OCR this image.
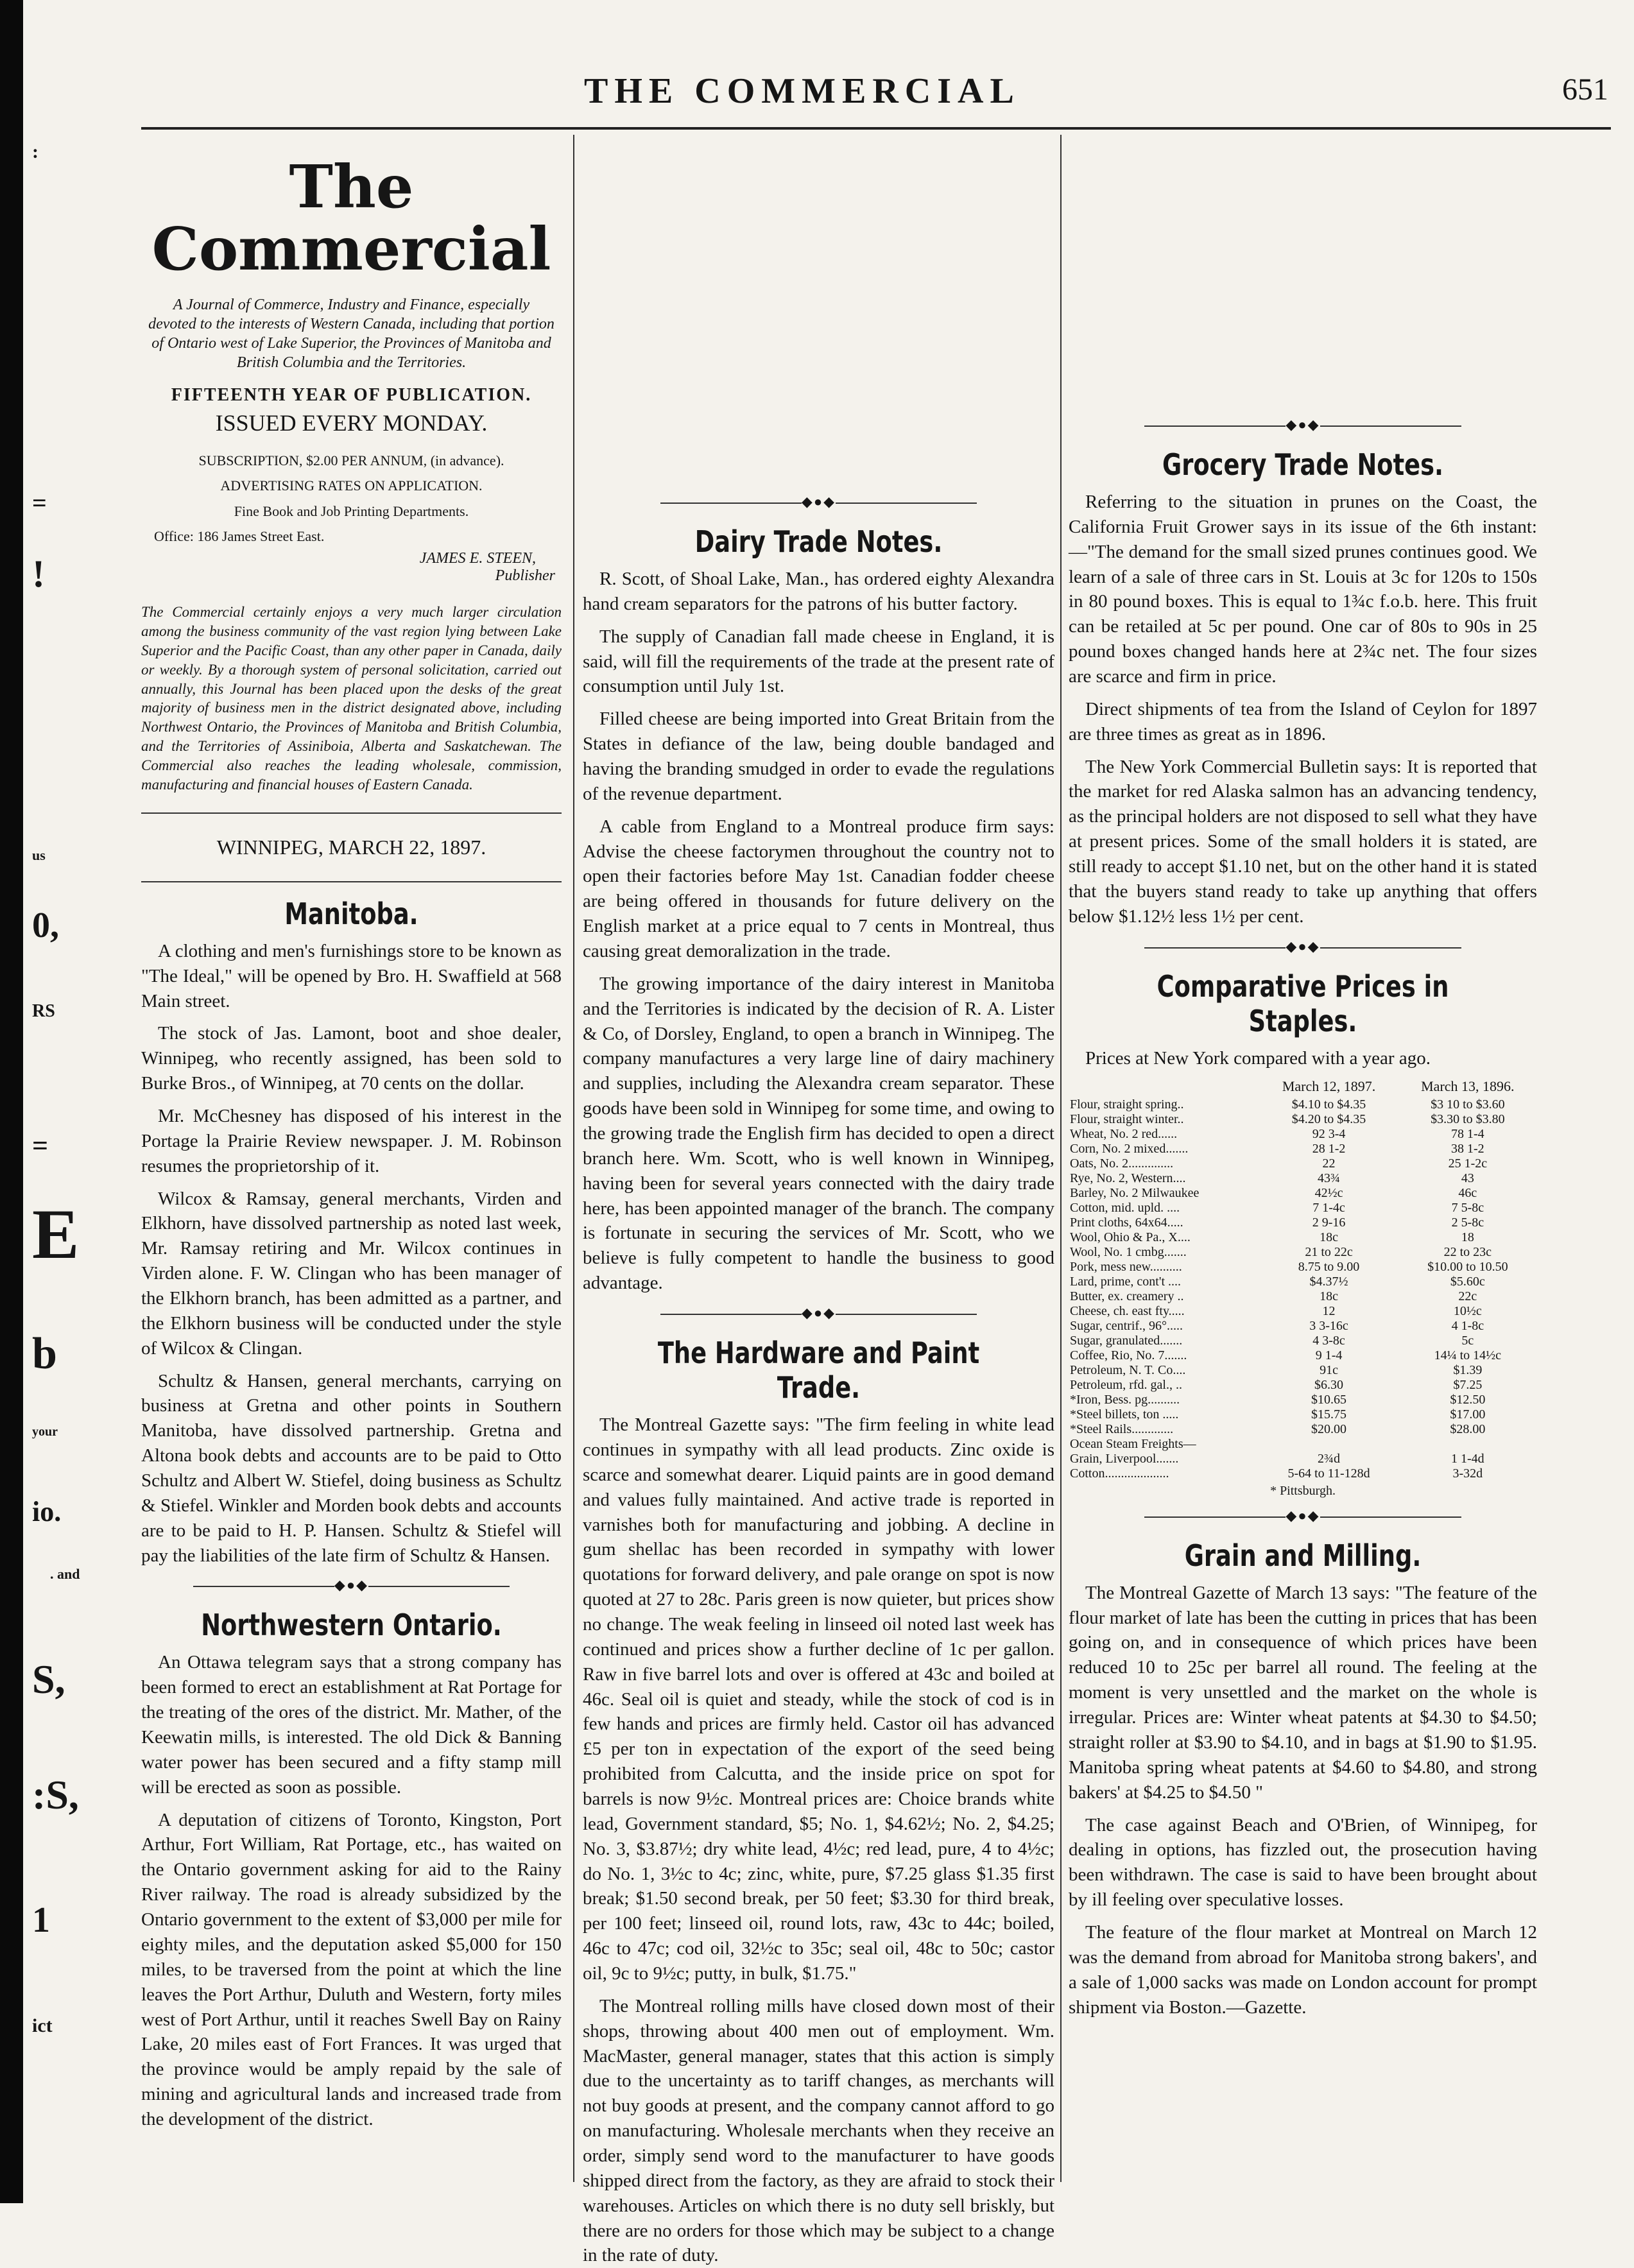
:
=
!
us
0,
RS
=
E
b
your
io.
. and
S,
:S,
1
ict
THE COMMERCIAL	651
The Commercial
A Journal of Commerce, Industry and Finance, especially devoted to the interests of Western Canada, including that portion of Ontario west of Lake Superior, the Provinces of Manitoba and British Columbia and the Territories.
FIFTEENTH YEAR OF PUBLICATION.
ISSUED EVERY MONDAY.
SUBSCRIPTION, $2.00 PER ANNUM, (in advance).
ADVERTISING RATES ON APPLICATION.
Fine Book and Job Printing Departments.
Office: 186 James Street East.
JAMES E. STEEN,
Publisher
The Commercial certainly enjoys a very much larger circulation among the business community of the vast region lying between Lake Superior and the Pacific Coast, than any other paper in Canada, daily or weekly. By a thorough system of personal solicitation, carried out annually, this Journal has been placed upon the desks of the great majority of business men in the district designated above, including Northwest Ontario, the Provinces of Manitoba and British Columbia, and the Territories of Assiniboia, Alberta and Saskatchewan. The Commercial also reaches the leading wholesale, commission, manufacturing and financial houses of Eastern Canada.
WINNIPEG, MARCH 22, 1897.
Manitoba.

A clothing and men's furnishings store to be known as "The Ideal," will be opened by Bro. H. Swaffield at 568 Main street.

The stock of Jas. Lamont, boot and shoe dealer, Winnipeg, who recently assigned, has been sold to Burke Bros., of Winnipeg, at 70 cents on the dollar.

Mr. McChesney has disposed of his interest in the Portage la Prairie Review newspaper. J. M. Robinson resumes the proprietorship of it.

Wilcox & Ramsay, general merchants, Virden and Elkhorn, have dissolved partnership as noted last week, Mr. Ramsay retiring and Mr. Wilcox continues in Virden alone. F. W. Clingan who has been manager of the Elkhorn branch, has been admitted as a partner, and the Elkhorn business will be conducted under the style of Wilcox & Clingan.

Schultz & Hansen, general merchants, carrying on business at Gretna and other points in Southern Manitoba, have dissolved partnership. Gretna and Altona book debts and accounts are to be paid to Otto Schultz and Albert W. Stiefel, doing business as Schultz & Stiefel. Winkler and Morden book debts and accounts are to be paid to H. P. Hansen. Schultz & Stiefel will pay the liabilities of the late firm of Schultz & Hansen.

◆●◆
Northwestern Ontario.

An Ottawa telegram says that a strong company has been formed to erect an establishment at Rat Portage for the treating of the ores of the district. Mr. Mather, of the Keewatin mills, is interested. The old Dick & Banning water power has been secured and a fifty stamp mill will be erected as soon as possible.

A deputation of citizens of Toronto, Kingston, Port Arthur, Fort William, Rat Portage, etc., has waited on the Ontario government asking for aid to the Rainy River railway. The road is already subsidized by the Ontario government to the extent of $3,000 per mile for eighty miles, and the deputation asked $5,000 for 150 miles, to be traversed from the point at which the line leaves the Port Arthur, Duluth and Western, forty miles west of Port Arthur, until it reaches Swell Bay on Rainy Lake, 20 miles east of Fort Frances. It was urged that the province would be amply repaid by the sale of mining and agricultural lands and increased trade from the development of the district.

◆●◆
Dairy Trade Notes.

R. Scott, of Shoal Lake, Man., has ordered eighty Alexandra hand cream separators for the patrons of his butter factory.

The supply of Canadian fall made cheese in England, it is said, will fill the requirements of the trade at the present rate of consumption until July 1st.

Filled cheese are being imported into Great Britain from the States in defiance of the law, being double bandaged and having the branding smudged in order to evade the regulations of the revenue department.

A cable from England to a Montreal produce firm says: Advise the cheese factorymen throughout the country not to open their factories before May 1st. Canadian fodder cheese are being offered in thousands for future delivery on the English market at a price equal to 7 cents in Montreal, thus causing great demoralization in the trade.

The growing importance of the dairy interest in Manitoba and the Territories is indicated by the decision of R. A. Lister & Co, of Dorsley, England, to open a branch in Winnipeg. The company manufactures a very large line of dairy machinery and supplies, including the Alexandra cream separator. These goods have been sold in Winnipeg for some time, and owing to the growing trade the English firm has decided to open a direct branch here. Wm. Scott, who is well known in Winnipeg, having been for several years connected with the dairy trade here, has been appointed manager of the branch. The company is fortunate in securing the services of Mr. Scott, who we believe is fully competent to handle the business to good advantage.

◆●◆
The Hardware and Paint Trade.

The Montreal Gazette says: "The firm feeling in white lead continues in sympathy with all lead products. Zinc oxide is scarce and somewhat dearer. Liquid paints are in good demand and values fully maintained. And active trade is reported in varnishes both for manufacturing and jobbing. A decline in gum shellac has been recorded in sympathy with lower quotations for forward delivery, and pale orange on spot is now quoted at 27 to 28c. Paris green is now quieter, but prices show no change. The weak feeling in linseed oil noted last week has continued and prices show a further decline of 1c per gallon. Raw in five barrel lots and over is offered at 43c and boiled at 46c. Seal oil is quiet and steady, while the stock of cod is in few hands and prices are firmly held. Castor oil has advanced £5 per ton in expectation of the export of the seed being prohibited from Calcutta, and the inside price on spot for barrels is now 9½c. Montreal prices are: Choice brands white lead, Government standard, $5; No. 1, $4.62½; No. 2, $4.25; No. 3, $3.87½; dry white lead, 4½c; red lead, pure, 4 to 4½c; do No. 1, 3½c to 4c; zinc, white, pure, $7.25 glass $1.35 first break; $1.50 second break, per 50 feet; $3.30 for third break, per 100 feet; linseed oil, round lots, raw, 43c to 44c; boiled, 46c to 47c; cod oil, 32½c to 35c; seal oil, 48c to 50c; castor oil, 9c to 9½c; putty, in bulk, $1.75."

The Montreal rolling mills have closed down most of their shops, throwing about 400 men out of employment. Wm. MacMaster, general manager, states that this action is simply due to the uncertainty as to tariff changes, as merchants will not buy goods at present, and the company cannot afford to go on manufacturing. Wholesale merchants when they receive an order, simply send word to the manufacturer to have goods shipped direct from the factory, as they are afraid to stock their warehouses. Articles on which there is no duty sell briskly, but there are no orders for those which may be subject to a change in the rate of duty.

◆●◆
Grocery Trade Notes.

Referring to the situation in prunes on the Coast, the California Fruit Grower says in its issue of the 6th instant:—"The demand for the small sized prunes continues good. We learn of a sale of three cars in St. Louis at 3c for 120s to 150s in 80 pound boxes. This is equal to 1¾c f.o.b. here. This fruit can be retailed at 5c per pound. One car of 80s to 90s in 25 pound boxes changed hands here at 2¾c net. The four sizes are scarce and firm in price.

Direct shipments of tea from the Island of Ceylon for 1897 are three times as great as in 1896.

The New York Commercial Bulletin says: It is reported that the market for red Alaska salmon has an advancing tendency, as the principal holders are not disposed to sell what they have at present prices. Some of the small holders it is stated, are still ready to accept $1.10 net, but on the other hand it is stated that the buyers stand ready to take up anything that offers below $1.12½ less 1½ per cent.

◆●◆
Comparative Prices in Staples.

Prices at New York compared with a year ago.

	March 12, 1897.	March 13, 1896.
Flour, straight spring..	$4.10 to $4.35	$3 10 to $3.60
Flour, straight winter..	$4.20 to $4.35	$3.30 to $3.80
Wheat, No. 2 red......	92 3-4	78 1-4
Corn, No. 2 mixed.......	28 1-2	38 1-2
Oats, No. 2..............	22	25 1-2c
Rye, No. 2, Western....	43¾	43
Barley, No. 2 Milwaukee	42½c	46c
Cotton, mid. upld. ....	7 1-4c	7 5-8c
Print cloths, 64x64.....	2 9-16	2 5-8c
Wool, Ohio & Pa., X....	18c	18
Wool, No. 1 cmbg.......	21 to 22c	22 to 23c
Pork, mess new..........	8.75 to 9.00	$10.00 to 10.50
Lard, prime, cont't ....	$4.37½	$5.60c
Butter, ex. creamery ..	18c	22c
Cheese, ch. east fty.....	12	10½c
Sugar, centrif., 96°.....	3 3-16c	4 1-8c
Sugar, granulated.......	4 3-8c	5c
Coffee, Rio, No. 7.......	9 1-4	14¼ to 14½c
Petroleum, N. T. Co....	91c	$1.39
Petroleum, rfd. gal., ..	$6.30	$7.25
*Iron, Bess. pg..........	$10.65	$12.50
*Steel billets, ton .....	$15.75	$17.00
*Steel Rails.............	$20.00	$28.00
Ocean Steam Freights—		
Grain, Liverpool.......	2¾d	1 1-4d
Cotton....................	5-64 to 11-128d	3-32d
* Pittsburgh.
◆●◆
Grain and Milling.

The Montreal Gazette of March 13 says: "The feature of the flour market of late has been the cutting in prices that has been going on, and in consequence of which prices have been reduced 10 to 25c per barrel all round. The feeling at the moment is very unsettled and the market on the whole is irregular. Prices are: Winter wheat patents at $4.30 to $4.50; straight roller at $3.90 to $4.10, and in bags at $1.90 to $1.95. Manitoba spring wheat patents at $4.60 to $4.80, and strong bakers' at $4.25 to $4.50 "

The case against Beach and O'Brien, of Winnipeg, for dealing in options, has fizzled out, the prosecution having been withdrawn. The case is said to have been brought about by ill feeling over speculative losses.

The feature of the flour market at Montreal on March 12 was the demand from abroad for Manitoba strong bakers', and a sale of 1,000 sacks was made on London account for prompt shipment via Boston.—Gazette.
